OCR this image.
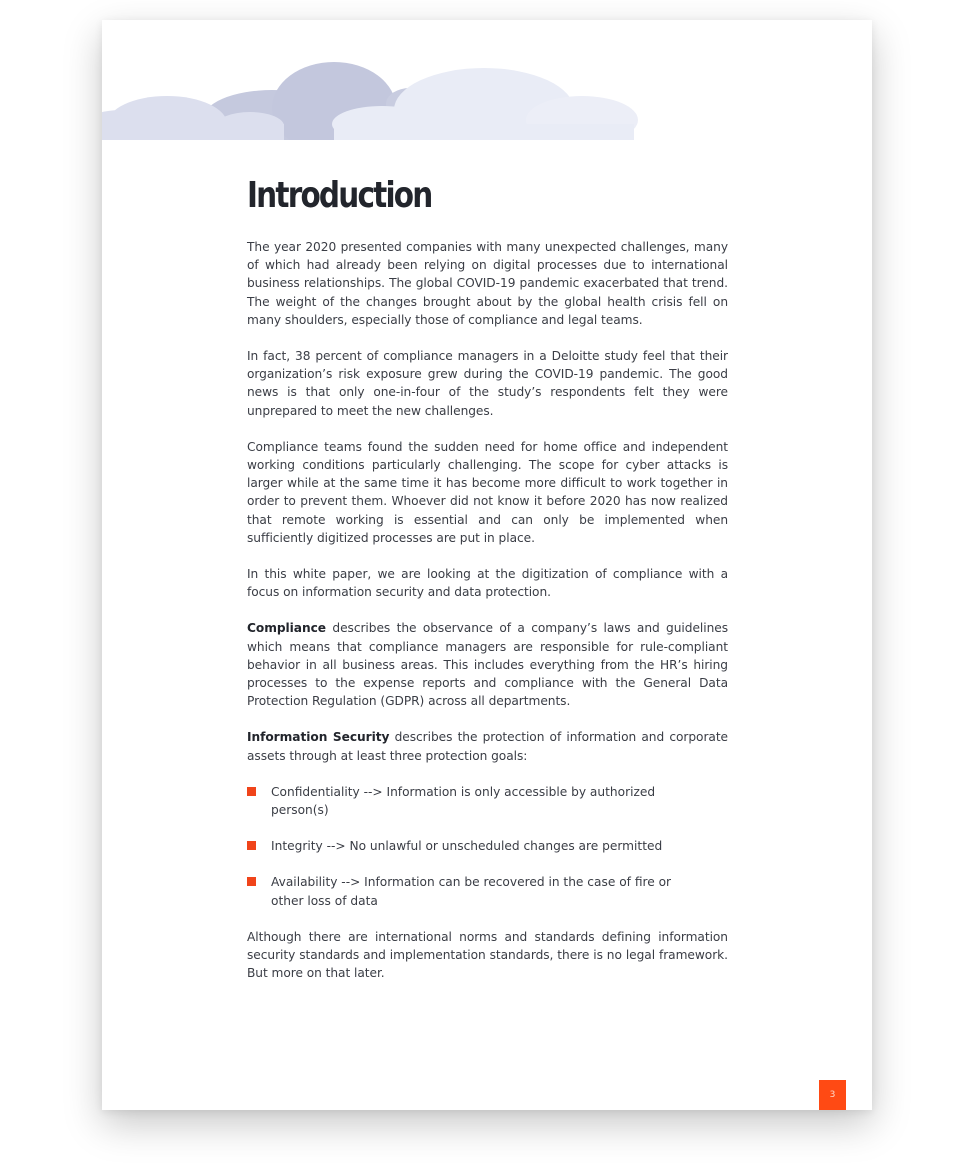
Introduction

The year 2020 presented companies with many unexpected challenges, many of which had already been relying on digital processes due to international business relationships. The global COVID-19 pandemic exacerbated that trend. The weight of the changes brought about by the global health crisis fell on many shoulders, especially those of compliance and legal teams.

In fact, 38 percent of compliance managers in a Deloitte study feel that their organization’s risk exposure grew during the COVID-19 pandemic. The good news is that only one-in-four of the study’s respondents felt they were unprepared to meet the new challenges.

Compliance teams found the sudden need for home office and independent working conditions particularly challenging. The scope for cyber attacks is larger while at the same time it has become more difficult to work together in order to prevent them. Whoever did not know it before 2020 has now realized that remote working is essential and can only be implemented when sufficiently digitized processes are put in place.

In this white paper, we are looking at the digitization of compliance with a focus on information security and data protection.

Compliance describes the observance of a company’s laws and guidelines which means that compliance managers are responsible for rule-compliant behavior in all business areas. This includes everything from the HR’s hiring processes to the expense reports and compliance with the General Data Protection Regulation (GDPR) across all departments.

Information Security describes the protection of information and corporate assets through at least three protection goals:

Confidentiality --> Information is only accessible by authorized person(s)
Integrity --> No unlawful or unscheduled changes are permitted
Availability --> Information can be recovered in the case of fire or other loss of data

Although there are international norms and standards defining information security standards and implementation standards, there is no legal framework. But more on that later.

3
